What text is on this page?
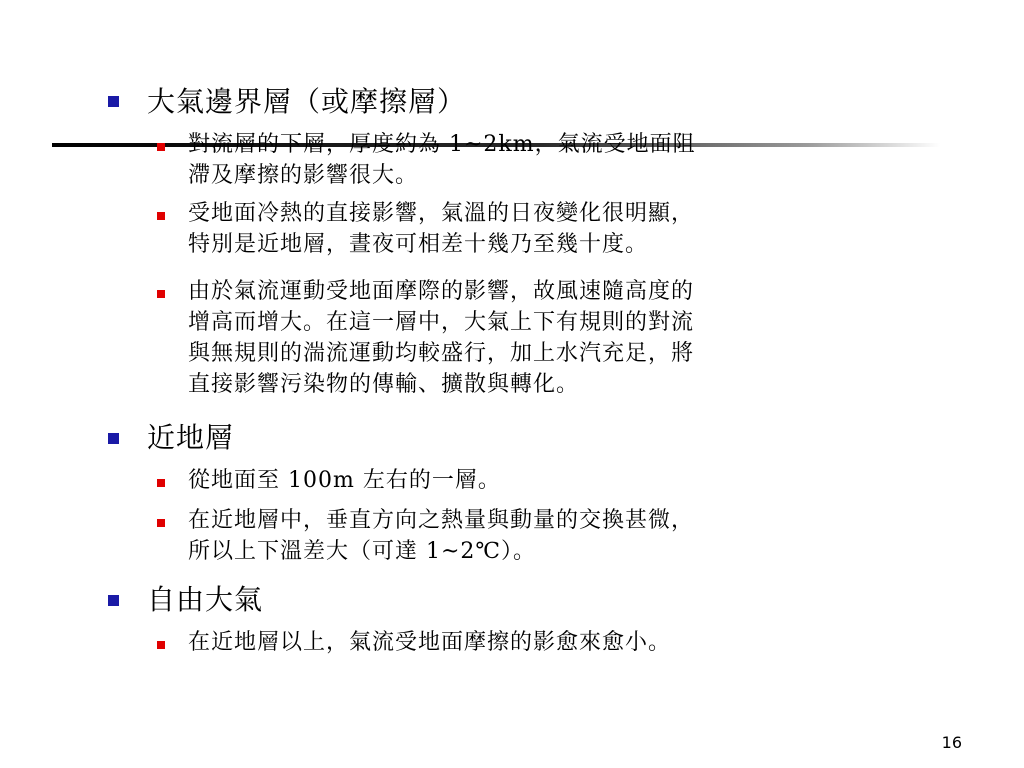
大氣邊界層（或摩擦層）
對流層的下層，厚度約為 1~2km，氣流受地面阻
滯及摩擦的影響很大。
受地面冷熱的直接影響，氣溫的日夜變化很明顯，
特別是近地層，晝夜可相差十幾乃至幾十度。
由於氣流運動受地面摩際的影響，故風速隨高度的
增高而增大。在這一層中，大氣上下有規則的對流
與無規則的湍流運動均較盛行，加上水汽充足，將
直接影響污染物的傳輸、擴散與轉化。
近地層
從地面至 100m 左右的一層。
在近地層中，垂直方向之熱量與動量的交換甚微，
所以上下溫差大（可達 1~2℃）。
自由大氣
在近地層以上，氣流受地面摩擦的影愈來愈小。
16
